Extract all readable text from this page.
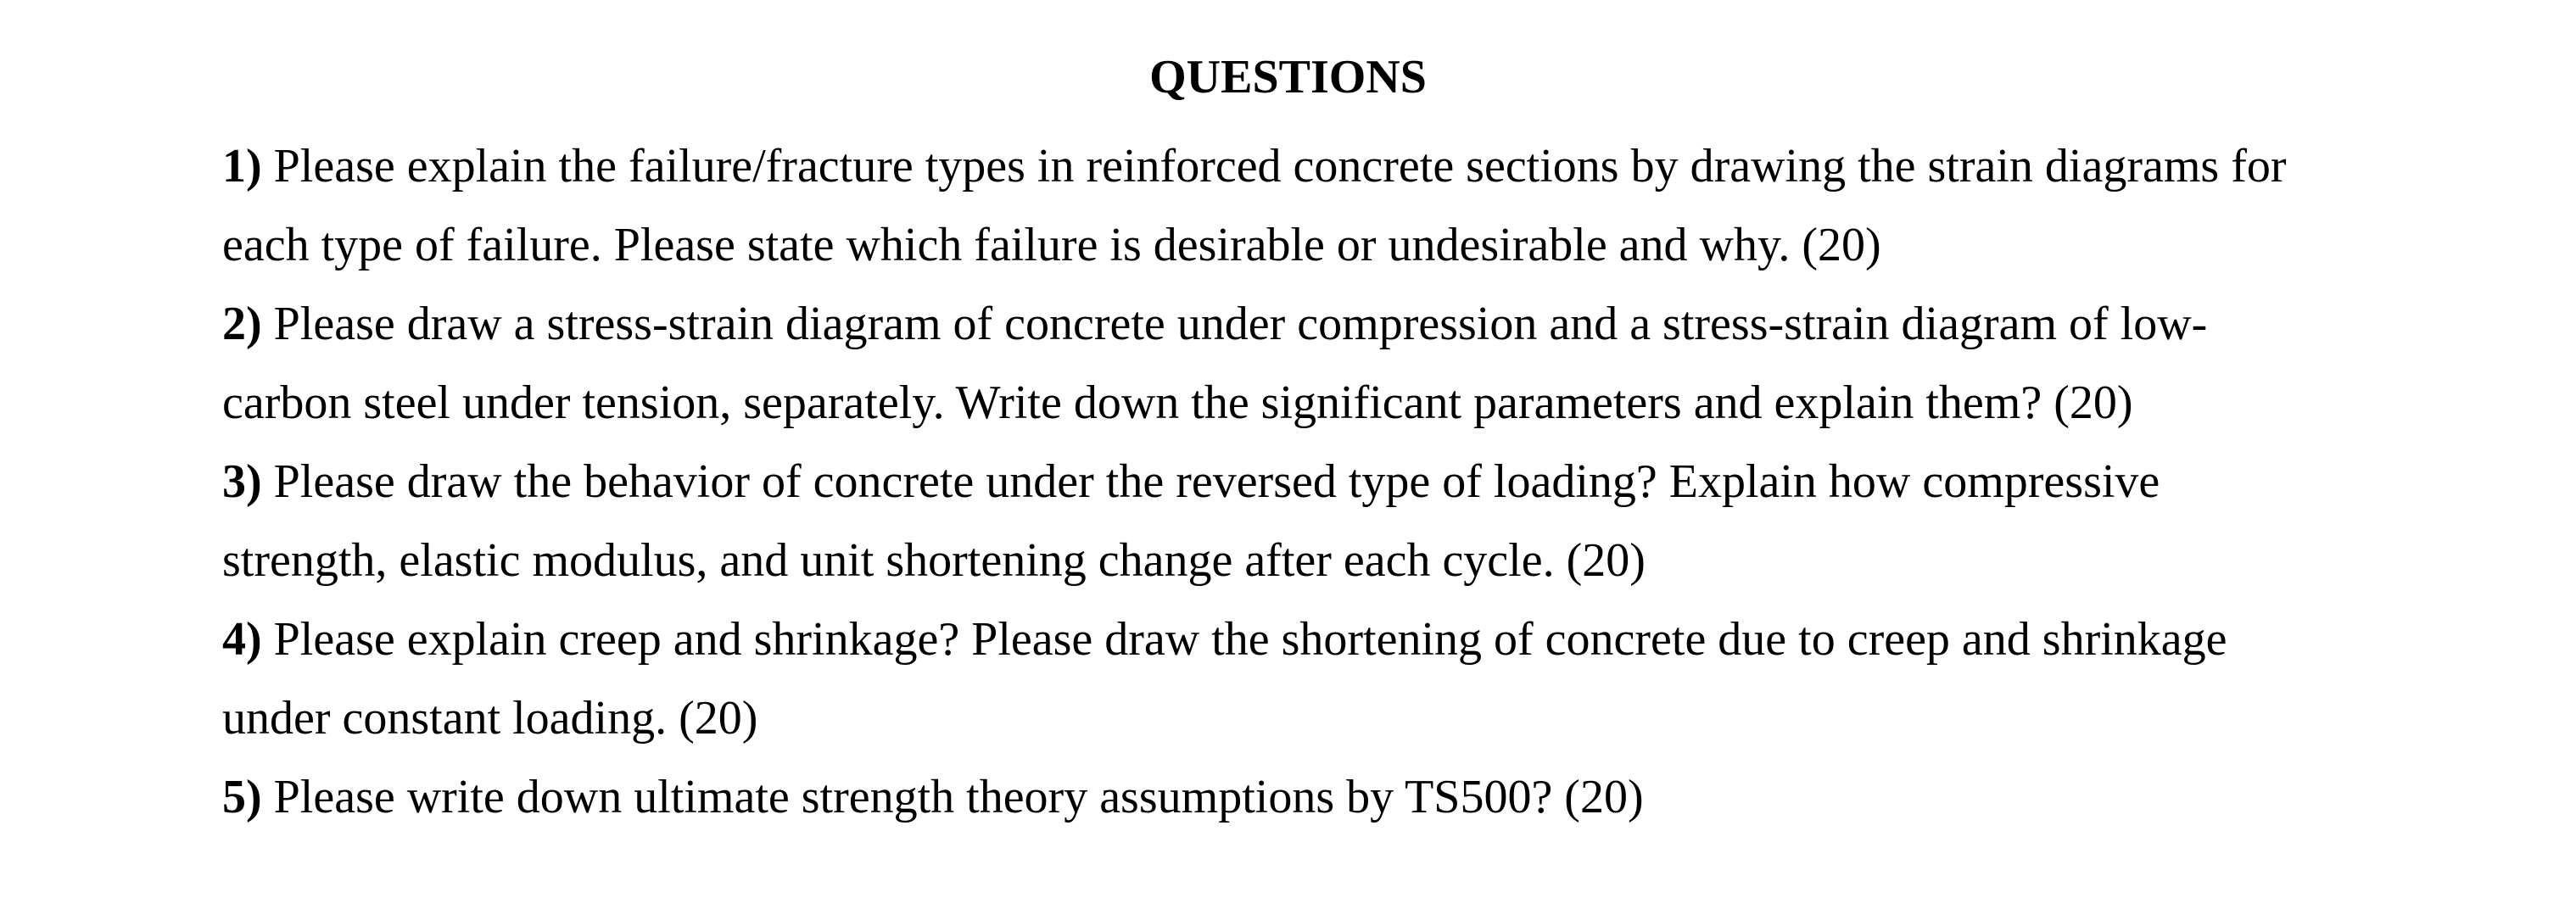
QUESTIONS
1) Please explain the failure/fracture types in reinforced concrete sections by drawing the strain diagrams for
each type of failure. Please state which failure is desirable or undesirable and why. (20)
2) Please draw a stress-strain diagram of concrete under compression and a stress-strain diagram of low-
carbon steel under tension, separately. Write down the significant parameters and explain them? (20)
3) Please draw the behavior of concrete under the reversed type of loading? Explain how compressive
strength, elastic modulus, and unit shortening change after each cycle. (20)
4) Please explain creep and shrinkage? Please draw the shortening of concrete due to creep and shrinkage
under constant loading. (20)
5) Please write down ultimate strength theory assumptions by TS500? (20)
